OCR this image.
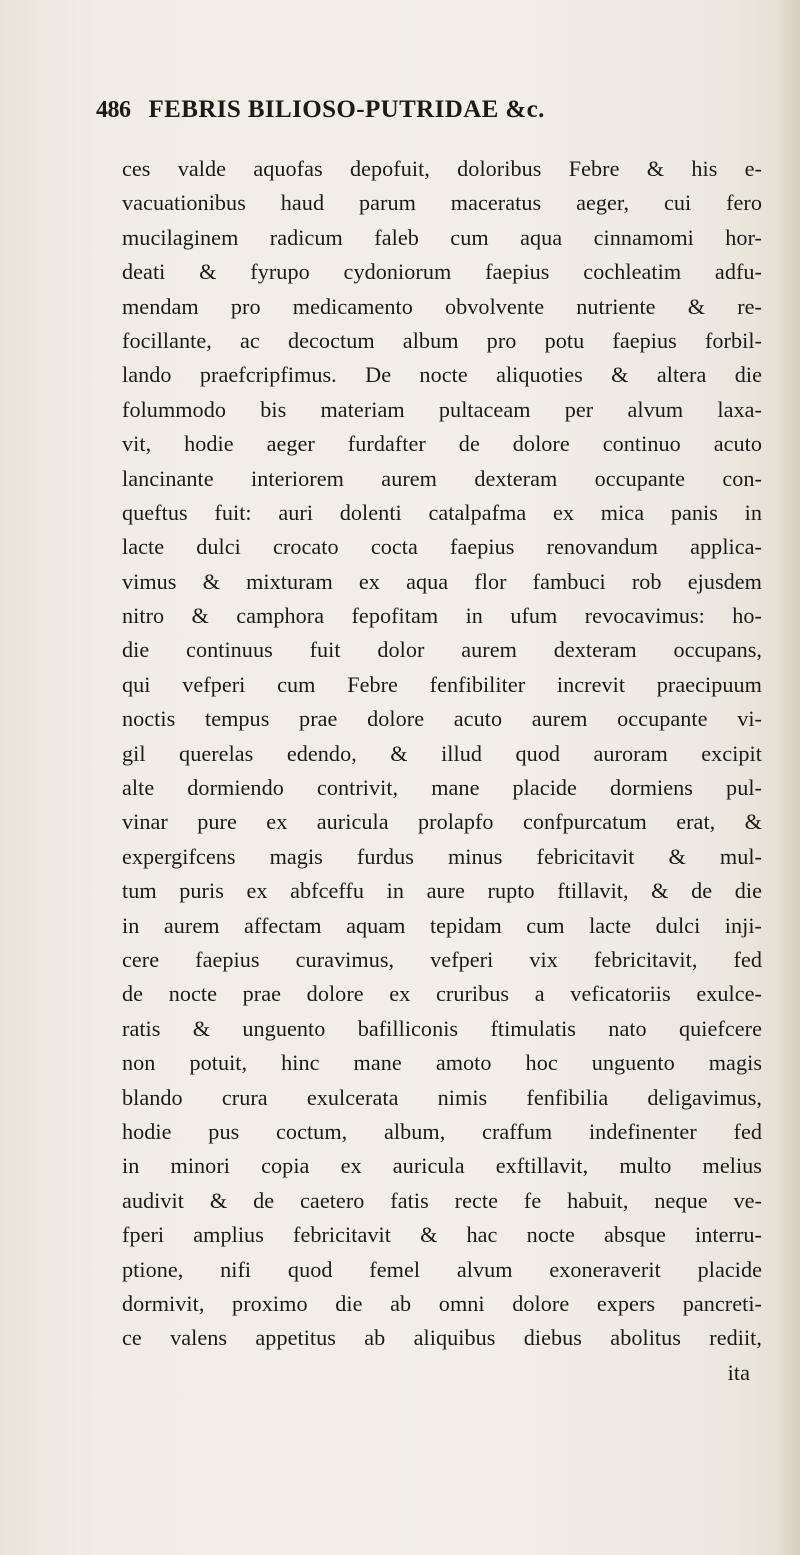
486 FEBRIS BILIOSO-PUTRIDAE &c.
ces valde aquofas depofuit, doloribus Febre & his e-
vacuationibus haud parum maceratus aeger, cui fero
mucilaginem radicum faleb cum aqua cinnamomi hor-
deati & fyrupo cydoniorum faepius cochleatim adfu-
mendam pro medicamento obvolvente nutriente & re-
focillante, ac decoctum album pro potu faepius forbil-
lando praefcripfimus. De nocte aliquoties & altera die
folummodo bis materiam pultaceam per alvum laxa-
vit, hodie aeger furdafter de dolore continuo acuto
lancinante interiorem aurem dexteram occupante con-
queftus fuit: auri dolenti catalpafma ex mica panis in
lacte dulci crocato cocta faepius renovandum applica-
vimus & mixturam ex aqua flor fambuci rob ejusdem
nitro & camphora fepofitam in ufum revocavimus: ho-
die continuus fuit dolor aurem dexteram occupans,
qui vefperi cum Febre fenfibiliter increvit praecipuum
noctis tempus prae dolore acuto aurem occupante vi-
gil querelas edendo, & illud quod auroram excipit
alte dormiendo contrivit, mane placide dormiens pul-
vinar pure ex auricula prolapfo confpurcatum erat, &
expergifcens magis furdus minus febricitavit & mul-
tum puris ex abfceffu in aure rupto ftillavit, & de die
in aurem affectam aquam tepidam cum lacte dulci inji-
cere faepius curavimus, vefperi vix febricitavit, fed
de nocte prae dolore ex cruribus a veficatoriis exulce-
ratis & unguento bafilliconis ftimulatis nato quiefcere
non potuit, hinc mane amoto hoc unguento magis
blando crura exulcerata nimis fenfibilia deligavimus,
hodie pus coctum, album, craffum indefinenter fed
in minori copia ex auricula exftillavit, multo melius
audivit & de caetero fatis recte fe habuit, neque ve-
fperi amplius febricitavit & hac nocte absque interru-
ptione, nifi quod femel alvum exoneraverit placide
dormivit, proximo die ab omni dolore expers pancreti-
ce valens appetitus ab aliquibus diebus abolitus rediit,
ita
